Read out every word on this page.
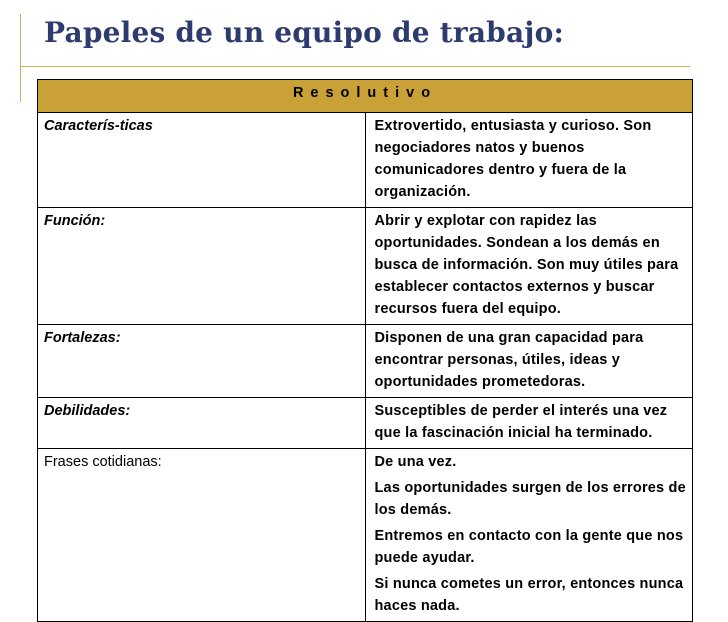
Papeles de un equipo de trabajo:
Resolutivo	
Caracterís-ticas	Extrovertido, entusiasta y curioso. Son negociadores natos y buenos comunicadores dentro y fuera de la organización.
Función:	Abrir y explotar con rapidez las oportunidades. Sondean a los demás en busca de información. Son muy útiles para establecer contactos externos y buscar recursos fuera del equipo.
Fortalezas:	Disponen de una gran capacidad para encontrar personas, útiles, ideas y oportunidades prometedoras.
Debilidades:	Susceptibles de perder el interés una vez que la fascinación inicial ha terminado.
Frases cotidianas:	De una vez.
Las oportunidades surgen de los errores de los demás.
Entremos en contacto con la gente que nos puede ayudar.
Si nunca cometes un error, entonces nunca haces nada.
